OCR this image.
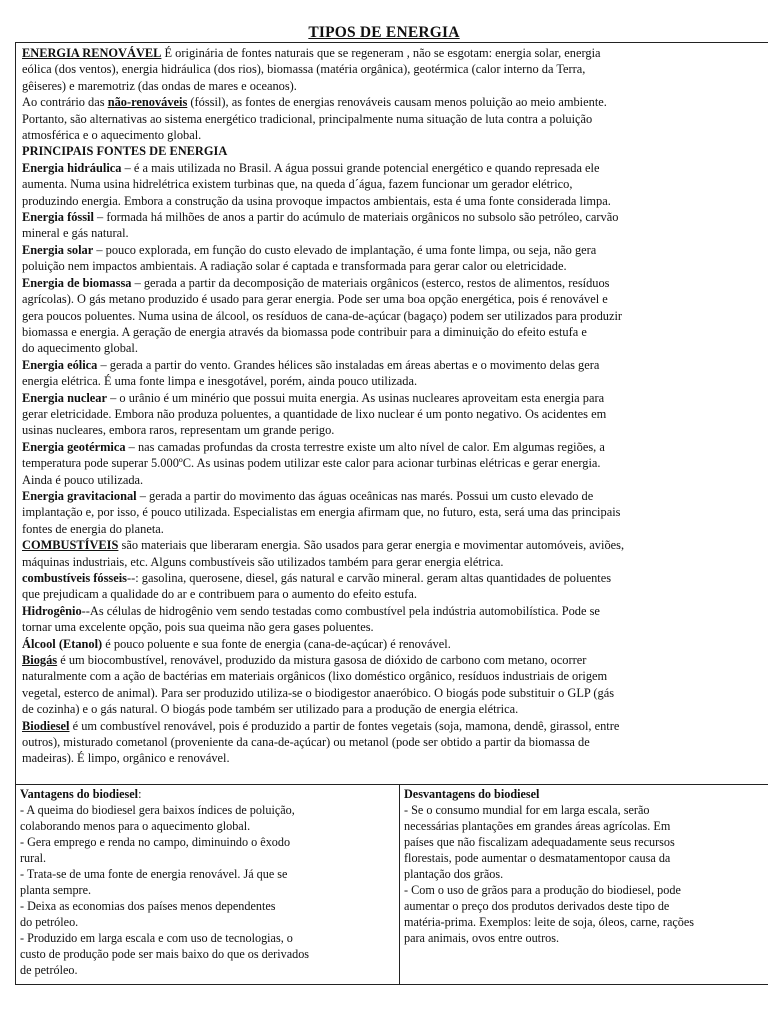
TIPOS DE ENERGIA

ENERGIA RENOVÁVEL É originária de fontes naturais que se regeneram , não se esgotam: energia solar, energia

eólica (dos ventos), energia hidráulica (dos rios), biomassa (matéria orgânica), geotérmica (calor interno da Terra,

gêiseres) e maremotriz (das ondas de mares e oceanos).

Ao contrário das não-renováveis (fóssil), as fontes de energias renováveis causam menos poluição ao meio ambiente.

Portanto, são alternativas ao sistema energético tradicional, principalmente numa situação de luta contra a poluição

atmosférica e o aquecimento global.

PRINCIPAIS FONTES DE ENERGIA

Energia hidráulica – é a mais utilizada no Brasil. A água possui grande potencial energético e quando represada ele

aumenta. Numa usina hidrelétrica existem turbinas que, na queda d´água, fazem funcionar um gerador elétrico,

produzindo energia. Embora a construção da usina provoque impactos ambientais, esta é uma fonte considerada limpa.

Energia fóssil – formada há milhões de anos a partir do acúmulo de materiais orgânicos no subsolo são petróleo, carvão

mineral e gás natural.

Energia solar – pouco explorada, em função do custo elevado de implantação, é uma fonte limpa, ou seja, não gera

poluição nem impactos ambientais. A radiação solar é captada e transformada para gerar calor ou eletricidade.

Energia de biomassa – gerada a partir da decomposição de materiais orgânicos (esterco, restos de alimentos, resíduos

agrícolas). O gás metano produzido é usado para gerar energia. Pode ser uma boa opção energética, pois é renovável e

gera poucos poluentes. Numa usina de álcool, os resíduos de cana-de-açúcar (bagaço) podem ser utilizados para produzir

biomassa e energia. A geração de energia através da biomassa pode contribuir para a diminuição do efeito estufa e

do aquecimento global.

Energia eólica – gerada a partir do vento. Grandes hélices são instaladas em áreas abertas e o movimento delas gera

energia elétrica. É uma fonte limpa e inesgotável, porém, ainda pouco utilizada.

Energia nuclear – o urânio é um minério que possui muita energia. As usinas nucleares aproveitam esta energia para

gerar eletricidade. Embora não produza poluentes, a quantidade de lixo nuclear é um ponto negativo. Os acidentes em

usinas nucleares, embora raros, representam um grande perigo.

Energia geotérmica – nas camadas profundas da crosta terrestre existe um alto nível de calor. Em algumas regiões, a

temperatura pode superar 5.000ºC. As usinas podem utilizar este calor para acionar turbinas elétricas e gerar energia.

Ainda é pouco utilizada.

Energia gravitacional – gerada a partir do movimento das águas oceânicas nas marés. Possui um custo elevado de

implantação e, por isso, é pouco utilizada. Especialistas em energia afirmam que, no futuro, esta, será uma das principais

fontes de energia do planeta.

COMBUSTÍVEIS são materiais que liberaram energia. São usados para gerar energia e movimentar automóveis, aviões,

máquinas industriais, etc. Alguns combustíveis são utilizados também para gerar energia elétrica.

combustíveis fósseis--: gasolina, querosene, diesel, gás natural e carvão mineral. geram altas quantidades de poluentes

que prejudicam a qualidade do ar e contribuem para o aumento do efeito estufa.

Hidrogênio--As células de hidrogênio vem sendo testadas como combustível pela indústria automobilística. Pode se

tornar uma excelente opção, pois sua queima não gera gases poluentes.

Álcool (Etanol) é pouco poluente e sua fonte de energia (cana-de-açúcar) é renovável.

Biogás é um biocombustível, renovável, produzido da mistura gasosa de dióxido de carbono com metano, ocorrer

naturalmente com a ação de bactérias em materiais orgânicos (lixo doméstico orgânico, resíduos industriais de origem

vegetal, esterco de animal). Para ser produzido utiliza-se o biodigestor anaeróbico. O biogás pode substituir o GLP (gás

de cozinha) e o gás natural. O biogás pode também ser utilizado para a produção de energia elétrica.

Biodiesel é um combustível renovável, pois é produzido a partir de fontes vegetais (soja, mamona, dendê, girassol, entre

outros), misturado cometanol (proveniente da cana-de-açúcar) ou metanol (pode ser obtido a partir da biomassa de

madeiras). É limpo, orgânico e renovável.

Vantagens do biodiesel:

- A queima do biodiesel gera baixos índices de poluição,

colaborando menos para o aquecimento global.

- Gera emprego e renda no campo, diminuindo o êxodo

rural.

- Trata-se de uma fonte de energia renovável. Já que se

planta sempre.

- Deixa as economias dos países menos dependentes

do petróleo.

- Produzido em larga escala e com uso de tecnologias, o

custo de produção pode ser mais baixo do que os derivados

de petróleo.

Desvantagens do biodiesel

- Se o consumo mundial for em larga escala, serão

necessárias plantações em grandes áreas agrícolas. Em

países que não fiscalizam adequadamente seus recursos

florestais, pode aumentar o desmatamentopor causa da

plantação dos grãos.

- Com o uso de grãos para a produção do biodiesel, pode

aumentar o preço dos produtos derivados deste tipo de

matéria-prima. Exemplos: leite de soja, óleos, carne, rações

para animais, ovos entre outros.
